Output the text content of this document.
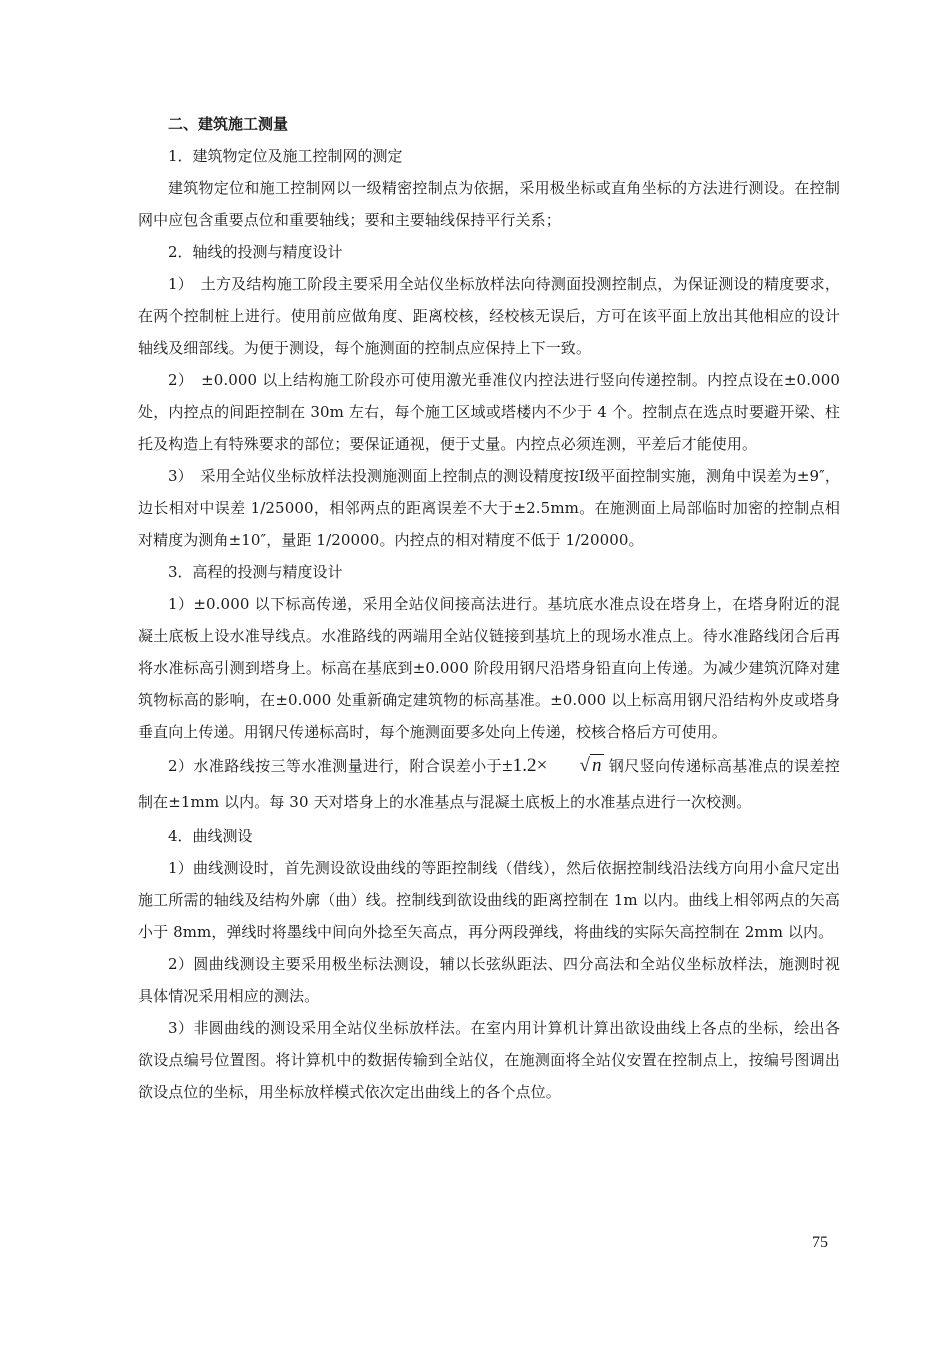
二、建筑施工测量

1．建筑物定位及施工控制网的测定

建筑物定位和施工控制网以一级精密控制点为依据，采用极坐标或直角坐标的方法进行测设。在控制网中应包含重要点位和重要轴线；要和主要轴线保持平行关系；

2．轴线的投测与精度设计

1）　土方及结构施工阶段主要采用全站仪坐标放样法向待测面投测控制点，为保证测设的精度要求，在两个控制桩上进行。使用前应做角度、距离校核，经校核无误后，方可在该平面上放出其他相应的设计轴线及细部线。为便于测设，每个施测面的控制点应保持上下一致。

2）　±0.000 以上结构施工阶段亦可使用激光垂准仪内控法进行竖向传递控制。内控点设在±0.000 处，内控点的间距控制在 30m 左右，每个施工区域或塔楼内不少于 4 个。控制点在选点时要避开梁、柱托及构造上有特殊要求的部位；要保证通视，便于丈量。内控点必须连测，平差后才能使用。

3）　采用全站仪坐标放样法投测施测面上控制点的测设精度按Ⅰ级平面控制实施，测角中误差为±9″，边长相对中误差 1/25000，相邻两点的距离误差不大于±2.5mm。在施测面上局部临时加密的控制点相对精度为测角±10″，量距 1/20000。内控点的相对精度不低于 1/20000。

3．高程的投测与精度设计

1）±0.000 以下标高传递，采用全站仪间接高法进行。基坑底水准点设在塔身上，在塔身附近的混凝土底板上设水准导线点。水准路线的两端用全站仪链接到基坑上的现场水准点上。待水准路线闭合后再将水准标高引测到塔身上。标高在基底到±0.000 阶段用钢尺沿塔身铅直向上传递。为减少建筑沉降对建筑物标高的影响，在±0.000 处重新确定建筑物的标高基准。±0.000 以上标高用钢尺沿结构外皮或塔身垂直向上传递。用钢尺传递标高时，每个施测面要多处向上传递，校核合格后方可使用。

2）水准路线按三等水准测量进行，附合误差小于±1.2× √ n 钢尺竖向传递标高基准点的误差控制在±1mm 以内。每 30 天对塔身上的水准基点与混凝土底板上的水准基点进行一次校测。

4．曲线测设

1）曲线测设时，首先测设欲设曲线的等距控制线（借线），然后依据控制线沿法线方向用小盒尺定出施工所需的轴线及结构外廓（曲）线。控制线到欲设曲线的距离控制在 1m 以内。曲线上相邻两点的矢高小于 8mm，弹线时将墨线中间向外捻至矢高点，再分两段弹线，将曲线的实际矢高控制在 2mm 以内。

2）圆曲线测设主要采用极坐标法测设，辅以长弦纵距法、四分高法和全站仪坐标放样法，施测时视具体情况采用相应的测法。

3）非圆曲线的测设采用全站仪坐标放样法。在室内用计算机计算出欲设曲线上各点的坐标，绘出各欲设点编号位置图。将计算机中的数据传输到全站仪，在施测面将全站仪安置在控制点上，按编号图调出欲设点位的坐标，用坐标放样模式依次定出曲线上的各个点位。

75
